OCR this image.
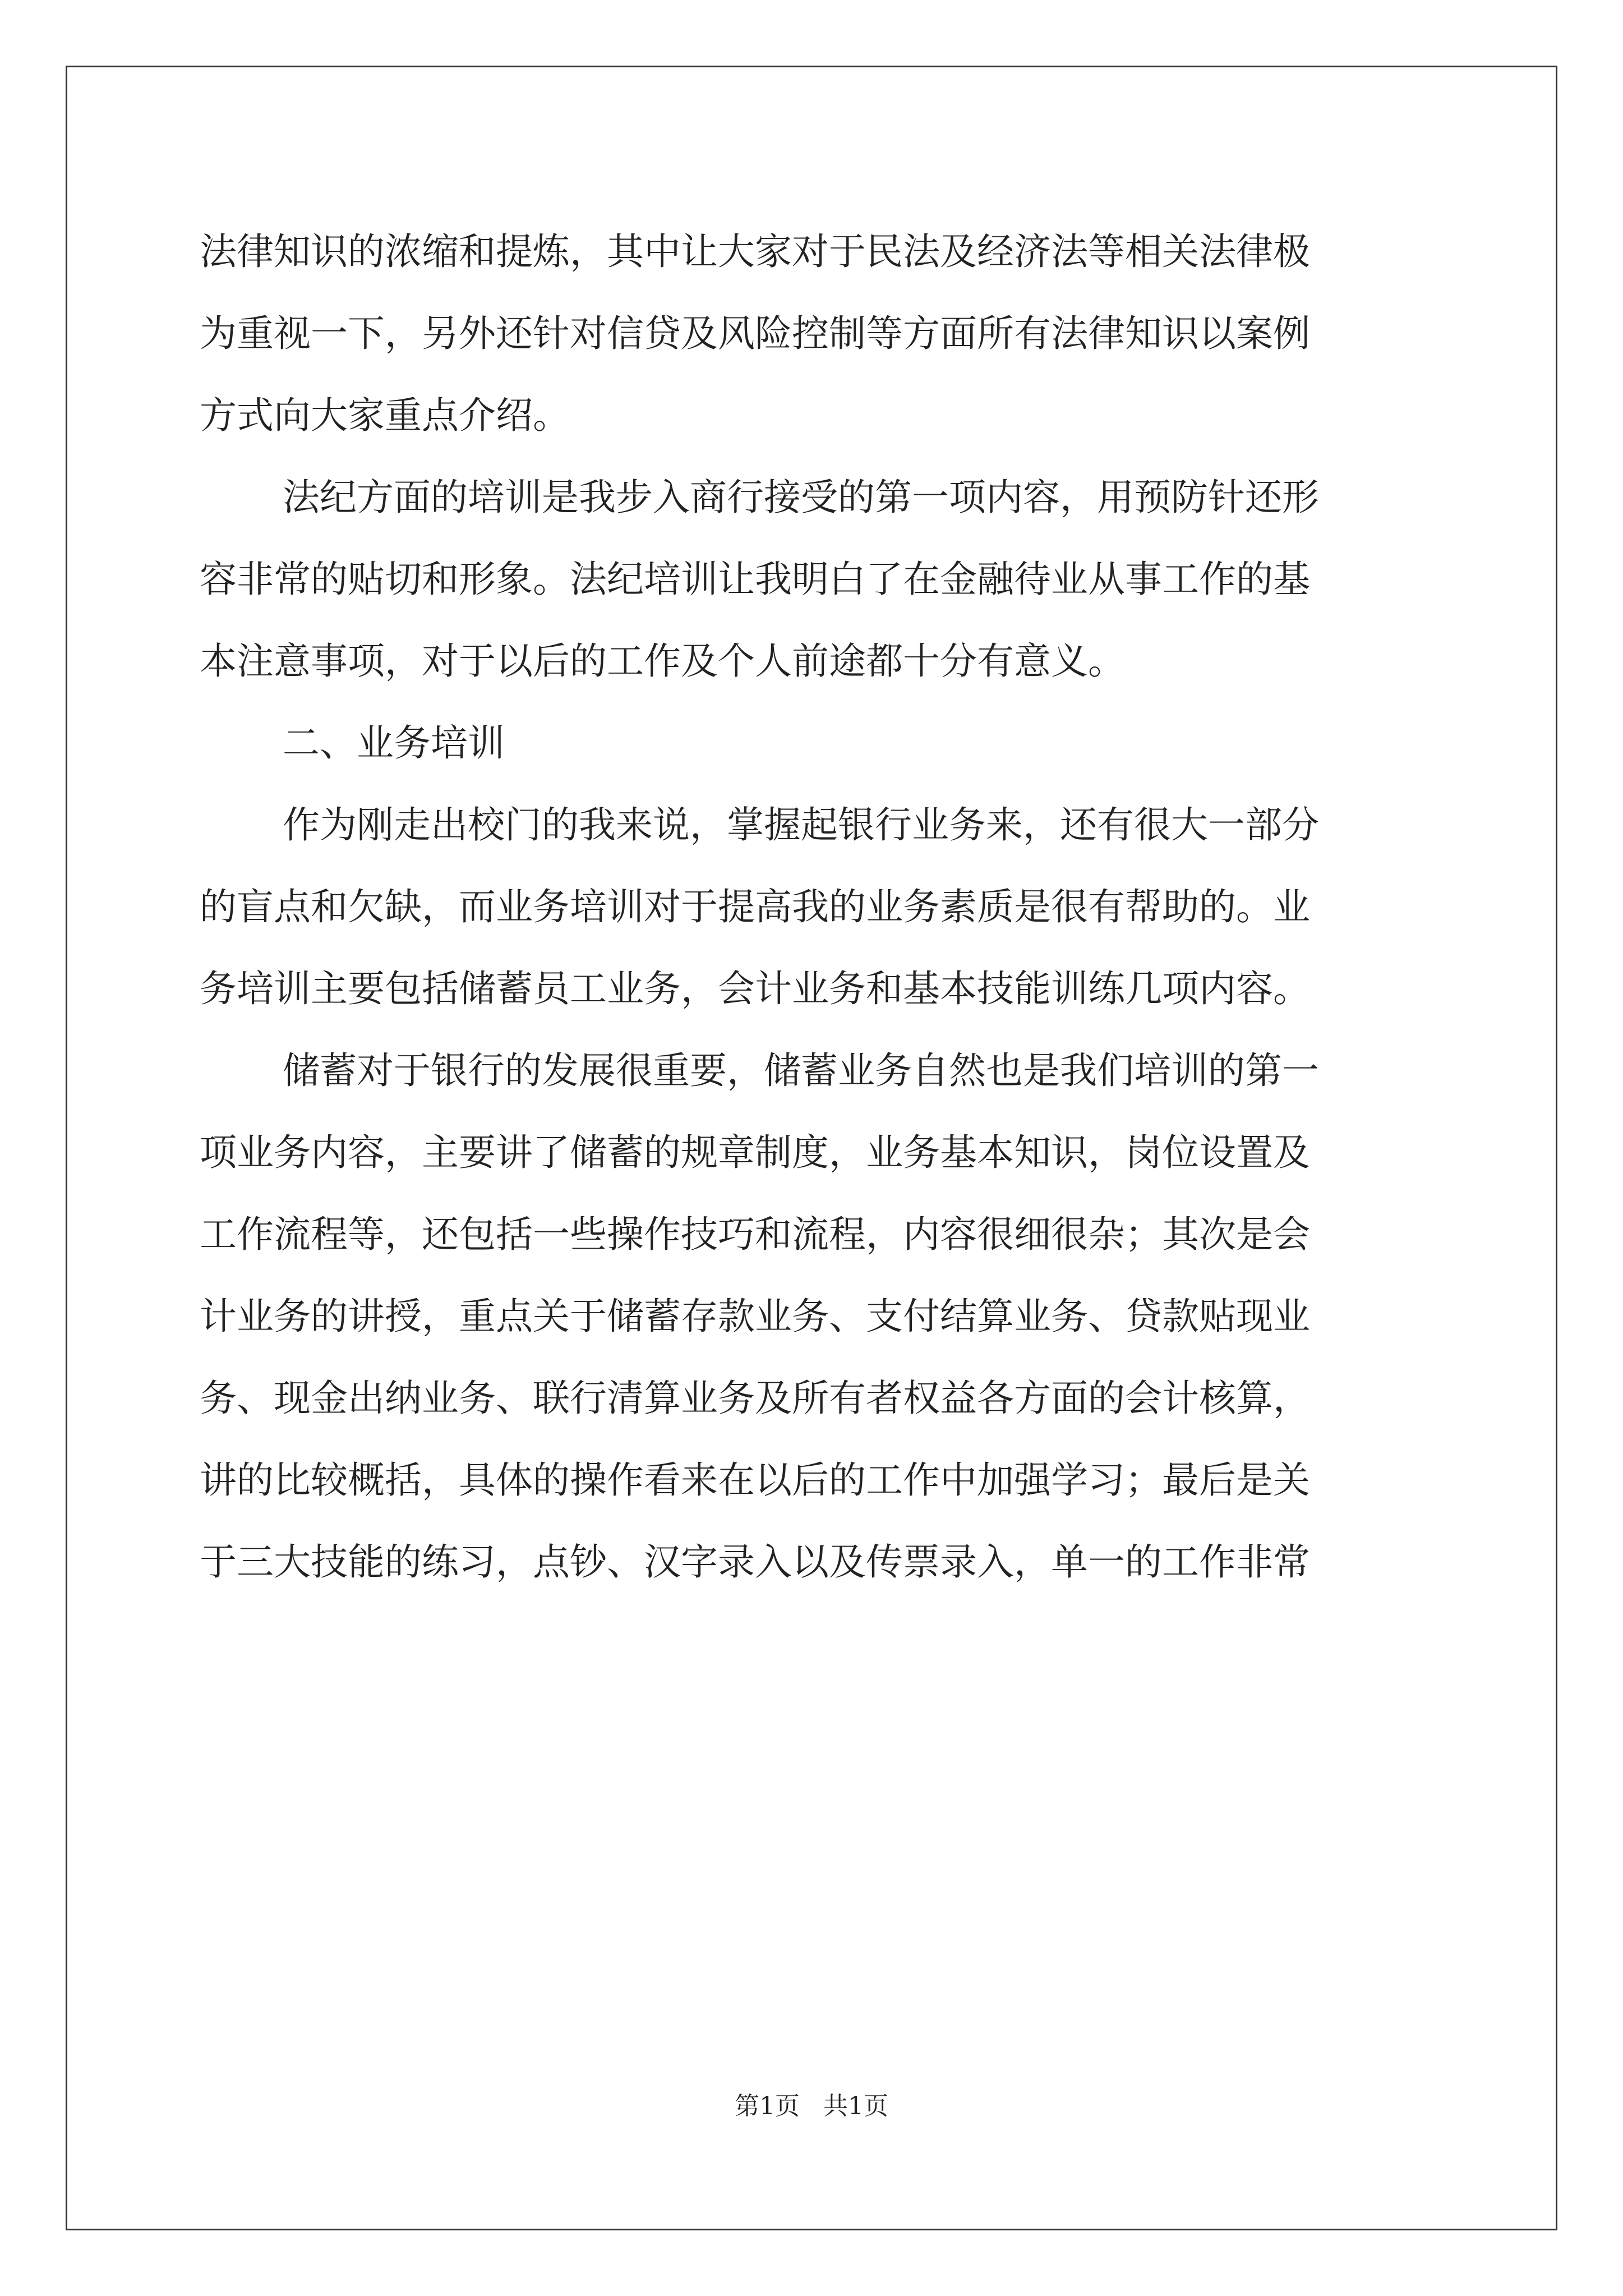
法律知识的浓缩和提炼，其中让大家对于民法及经济法等相关法律极
为重视一下，另外还针对信贷及风险控制等方面所有法律知识以案例
方式向大家重点介绍。
法纪方面的培训是我步入商行接受的第一项内容，用预防针还形
容非常的贴切和形象。法纪培训让我明白了在金融待业从事工作的基
本注意事项，对于以后的工作及个人前途都十分有意义。
二、业务培训
作为刚走出校门的我来说，掌握起银行业务来，还有很大一部分
的盲点和欠缺，而业务培训对于提高我的业务素质是很有帮助的。业
务培训主要包括储蓄员工业务，会计业务和基本技能训练几项内容。
储蓄对于银行的发展很重要，储蓄业务自然也是我们培训的第一
项业务内容，主要讲了储蓄的规章制度，业务基本知识，岗位设置及
工作流程等，还包括一些操作技巧和流程，内容很细很杂；其次是会
计业务的讲授，重点关于储蓄存款业务、支付结算业务、贷款贴现业
务、现金出纳业务、联行清算业务及所有者权益各方面的会计核算，
讲的比较概括，具体的操作看来在以后的工作中加强学习；最后是关
于三大技能的练习，点钞、汉字录入以及传票录入，单一的工作非常
第1页   共1页
